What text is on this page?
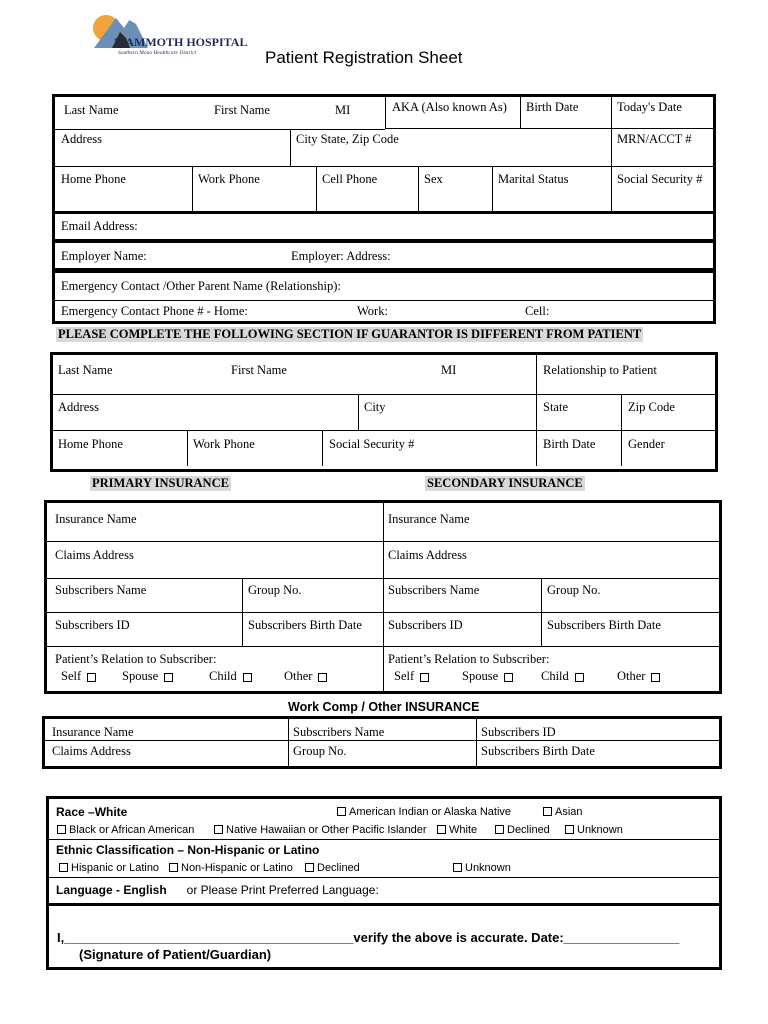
MAMMOTH HOSPITAL
Southern Mono Healthcare District	Patient Registration Sheet
Last Name	First Name	MI	AKA (Also known As)	Birth Date	Today's Date
Address	City State, Zip Code	MRN/ACCT #
Home Phone	Work Phone	Cell Phone	Sex	Marital Status	Social Security #
Email Address:
Employer Name:	Employer: Address:
Emergency Contact /Other Parent Name (Relationship):
Emergency Contact Phone # - Home:	Work:	Cell:
PLEASE COMPLETE THE FOLLOWING SECTION IF GUARANTOR IS DIFFERENT FROM PATIENT
Last Name	First Name	MI	Relationship to Patient
Address	City	State	Zip Code
Home Phone	Work Phone	Social Security #	Birth Date	Gender
PRIMARY INSURANCE	SECONDARY INSURANCE
Insurance Name
Claims Address
Subscribers Name	Group No.
Subscribers ID	Subscribers Birth Date
Patient’s Relation to Subscriber:
Self	Spouse	Child	Other
Insurance Name
Claims Address
Subscribers Name	Group No.
Subscribers ID	Subscribers Birth Date
Patient’s Relation to Subscriber:
Self	Spouse	Child	Other
Work Comp / Other INSURANCE
Insurance Name	Subscribers Name	Subscribers ID
Claims Address	Group No.	Subscribers Birth Date
Race –White	American Indian or Alaska Native	Asian
Black or African American	Native Hawaiian or Other Pacific Islander	White	Declined	Unknown
Ethnic Classification – Non-Hispanic or Latino
Hispanic or Latino	Non-Hispanic or Latino	Declined	Unknown
Language - English or Please Print Preferred Language:
I,________________________________________verify the above is accurate. Date:________________
(Signature of Patient/Guardian)
